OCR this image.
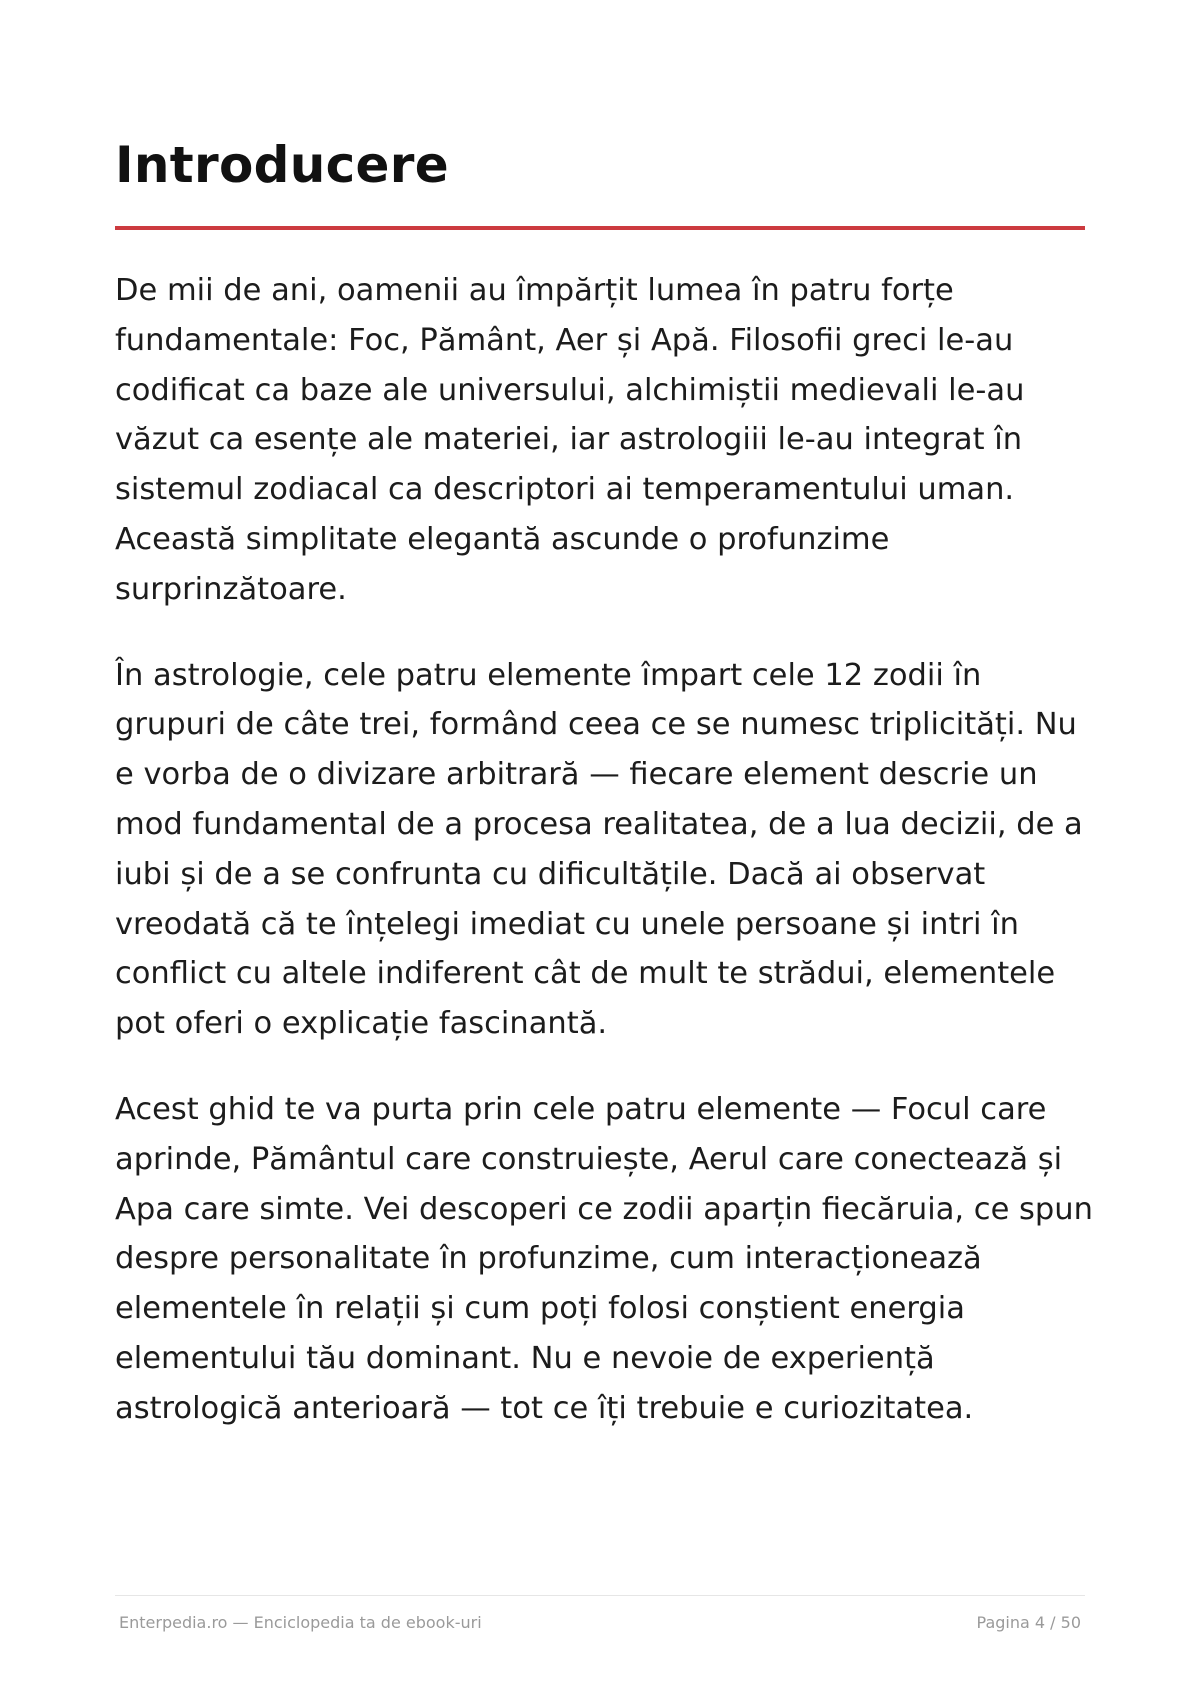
Introducere

De mii de ani, oamenii au împărțit lumea în patru forțe fundamentale: Foc, Pământ, Aer și Apă. Filosofii greci le-au codificat ca baze ale universului, alchimiștii medievali le-au văzut ca esențe ale materiei, iar astrologiii le-au integrat în sistemul zodiacal ca descriptori ai temperamentului uman. Această simplitate elegantă ascunde o profunzime surprinzătoare.

În astrologie, cele patru elemente împart cele 12 zodii în grupuri de câte trei, formând ceea ce se numesc triplicități. Nu e vorba de o divizare arbitrară — fiecare element descrie un mod fundamental de a procesa realitatea, de a lua decizii, de a iubi și de a se confrunta cu dificultățile. Dacă ai observat vreodată că te înțelegi imediat cu unele persoane și intri în conflict cu altele indiferent cât de mult te strădui, elementele pot oferi o explicație fascinantă.

Acest ghid te va purta prin cele patru elemente — Focul care aprinde, Pământul care construiește, Aerul care conectează și Apa care simte. Vei descoperi ce zodii aparțin fiecăruia, ce spun despre personalitate în profunzime, cum interacționează elementele în relații și cum poți folosi conștient energia elementului tău dominant. Nu e nevoie de experiență astrologică anterioară — tot ce îți trebuie e curiozitatea.

Enterpedia.ro — Enciclopedia ta de ebook-uri	Pagina 4 / 50
